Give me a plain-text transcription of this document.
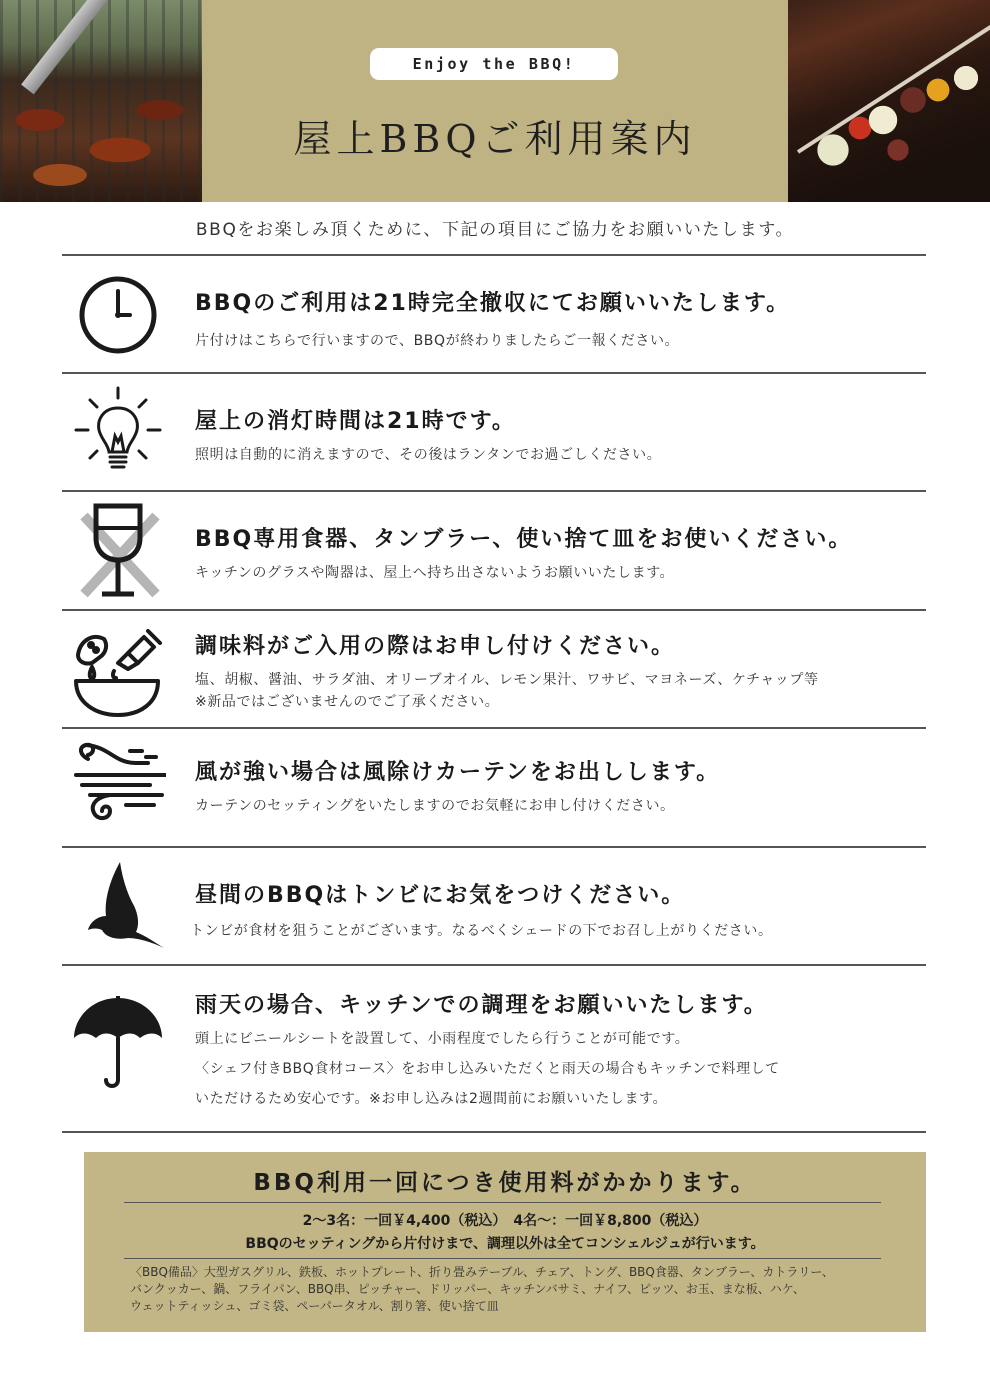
Enjoy the BBQ!
屋上BBQご利用案内
BBQをお楽しみ頂くために、下記の項目にご協力をお願いいたします。
BBQのご利用は21時完全撤収にてお願いいたします。
片付けはこちらで行いますので、BBQが終わりましたらご一報ください。
屋上の消灯時間は21時です。
照明は自動的に消えますので、その後はランタンでお過ごしください。
BBQ専用食器、タンブラー、使い捨て皿をお使いください。
キッチンのグラスや陶器は、屋上へ持ち出さないようお願いいたします。
調味料がご入用の際はお申し付けください。
塩、胡椒、醤油、サラダ油、オリーブオイル、レモン果汁、ワサビ、マヨネーズ、ケチャップ等
※新品ではございませんのでご了承ください。
風が強い場合は風除けカーテンをお出しします。
カーテンのセッティングをいたしますのでお気軽にお申し付けください。
昼間のBBQはトンビにお気をつけください。
トンビが食材を狙うことがございます。なるべくシェードの下でお召し上がりください。
雨天の場合、キッチンでの調理をお願いいたします。
頭上にビニールシートを設置して、小雨程度でしたら行うことが可能です。
〈シェフ付きBBQ食材コース〉をお申し込みいただくと雨天の場合もキッチンで料理して
いただけるため安心です。※お申し込みは2週間前にお願いいたします。
BBQ利用一回につき使用料がかかります。
2〜3名：一回￥4,400（税込）　4名〜：一回￥8,800（税込）
BBQのセッティングから片付けまで、調理以外は全てコンシェルジュが行います。
〈BBQ備品〉大型ガスグリル、鉄板、ホットプレート、折り畳みテーブル、チェア、トング、BBQ食器、タンブラー、カトラリー、
バンクッカー、鍋、フライパン、BBQ串、ピッチャー、ドリッパー、キッチンバサミ、ナイフ、ピッツ、お玉、まな板、ハケ、
ウェットティッシュ、ゴミ袋、ペーパータオル、割り箸、使い捨て皿
